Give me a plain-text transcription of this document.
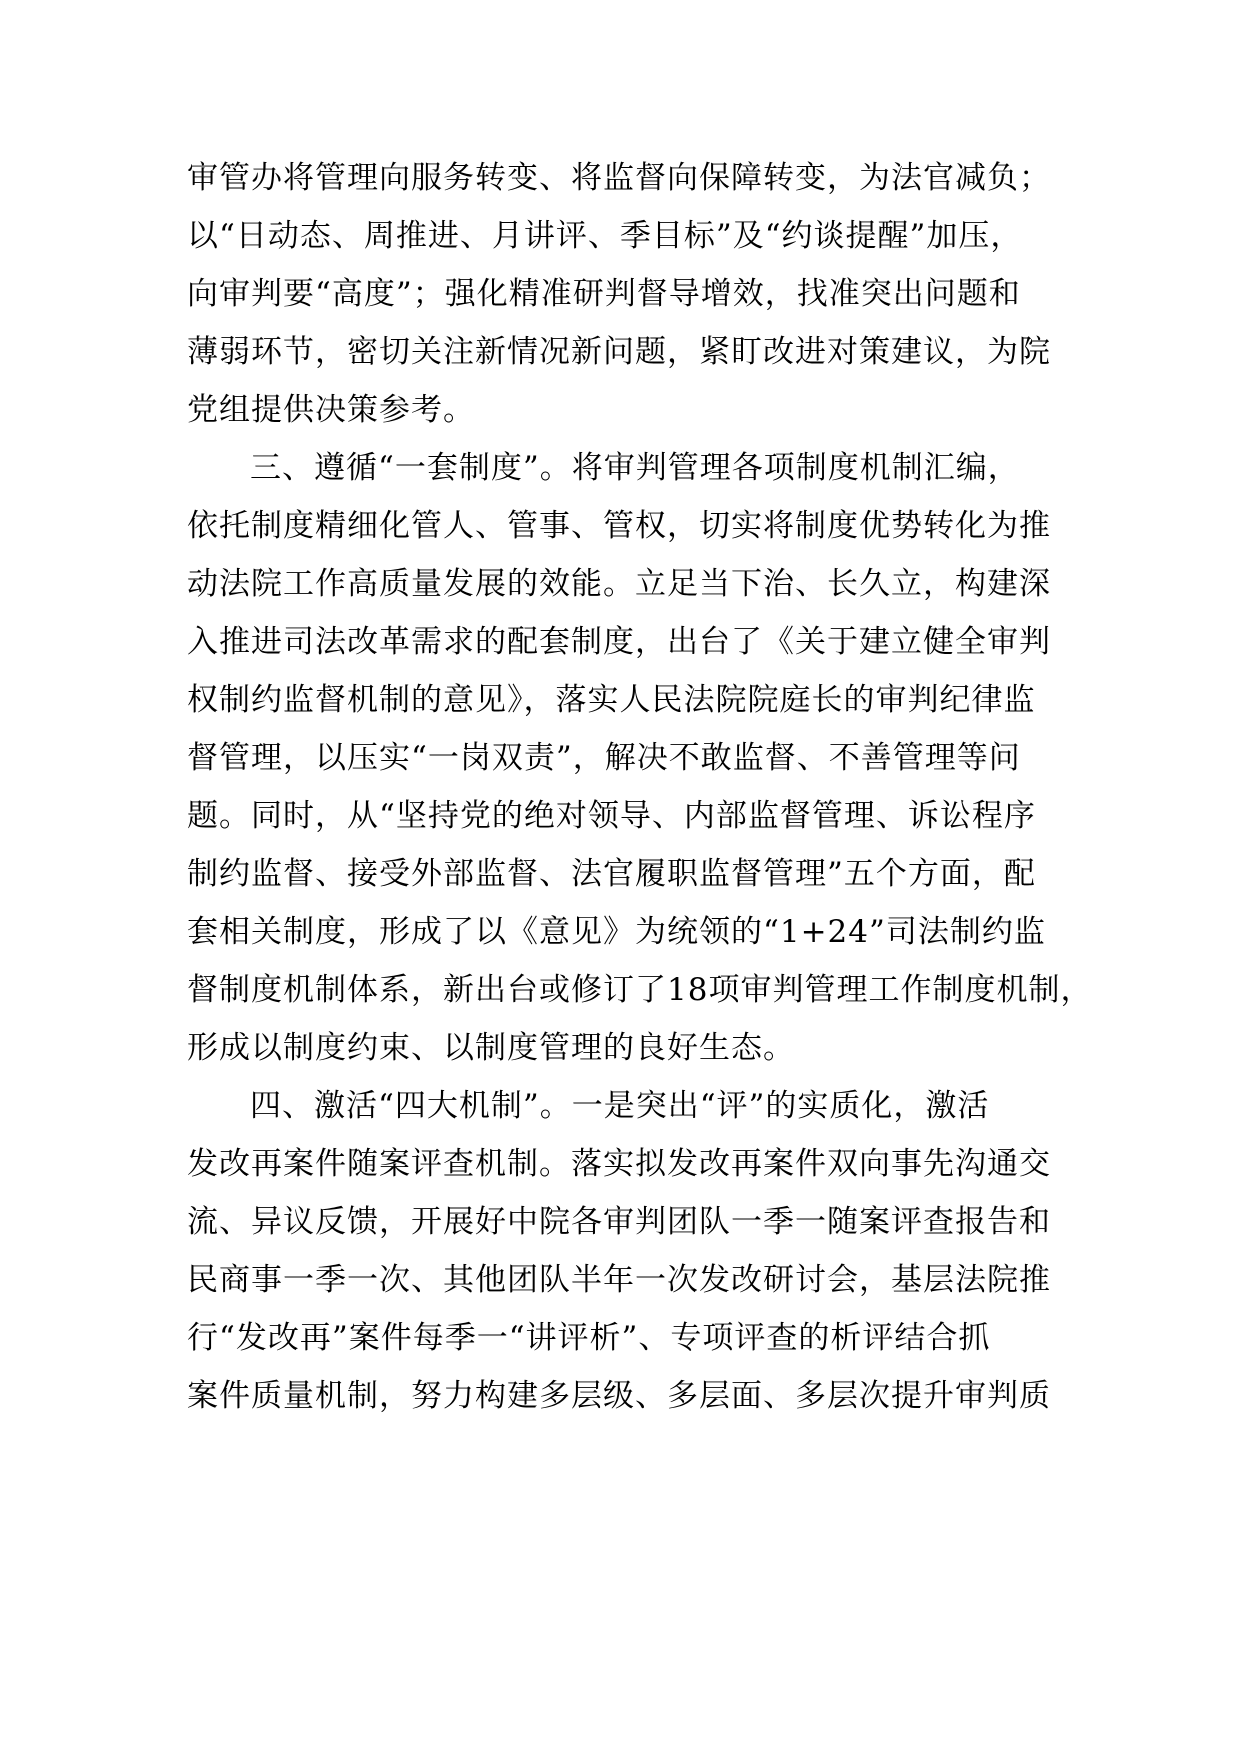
审管办将管理向服务转变、将监督向保障转变，为法官减负；
以“日动态、周推进、月讲评、季目标”及“约谈提醒”加压，
向审判要“高度”；强化精准研判督导增效，找准突出问题和
薄弱环节，密切关注新情况新问题，紧盯改进对策建议，为院
党组提供决策参考。
三、遵循“一套制度”。将审判管理各项制度机制汇编，
依托制度精细化管人、管事、管权，切实将制度优势转化为推
动法院工作高质量发展的效能。立足当下治、长久立，构建深
入推进司法改革需求的配套制度，出台了《关于建立健全审判
权制约监督机制的意见》，落实人民法院院庭长的审判纪律监
督管理，以压实“一岗双责”，解决不敢监督、不善管理等问
题。同时，从“坚持党的绝对领导、内部监督管理、诉讼程序
制约监督、接受外部监督、法官履职监督管理”五个方面，配
套相关制度，形成了以《意见》为统领的“1+24”司法制约监
督制度机制体系，新出台或修订了18项审判管理工作制度机制，
形成以制度约束、以制度管理的良好生态。
四、激活“四大机制”。一是突出“评”的实质化，激活
发改再案件随案评查机制。落实拟发改再案件双向事先沟通交
流、异议反馈，开展好中院各审判团队一季一随案评查报告和
民商事一季一次、其他团队半年一次发改研讨会，基层法院推
行“发改再”案件每季一“讲评析”、专项评查的析评结合抓
案件质量机制，努力构建多层级、多层面、多层次提升审判质
